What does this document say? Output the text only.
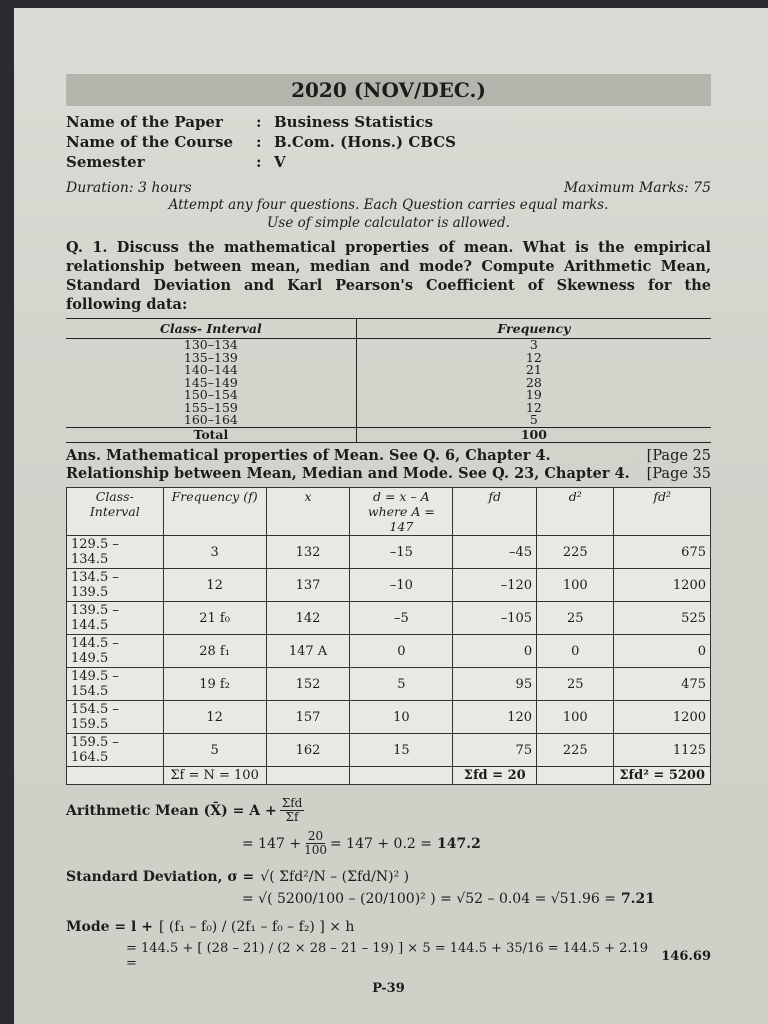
2020 (NOV/DEC.)
Name of the Paper	: Business Statistics
Name of the Course	: B.Com. (Hons.) CBCS
Semester	: V
Duration: 3 hours	Maximum Marks: 75
Attempt any four questions. Each Question carries equal marks.
Use of simple calculator is allowed.
Q. 1. Discuss the mathematical properties of mean. What is the empirical relationship between mean, median and mode? Compute Arithmetic Mean, Standard Deviation and Karl Pearson's Coefficient of Skewness for the following data:
Class- Interval	Frequency
130–134	3
135–139	12
140–144	21
145–149	28
150–154	19
155–159	12
160–164	5
Total	100
Ans. Mathematical properties of Mean. See Q. 6, Chapter 4.	[Page 25
Relationship between Mean, Median and Mode. See Q. 23, Chapter 4. [Page 35
Class- Interval	Frequency (f)	x	d = x – A where A = 147	fd	d²	fd²
129.5 – 134.5	3	132	–15	–45	225	675
134.5 – 139.5	12	137	–10	–120	100	1200
139.5 – 144.5	21 f₀	142	–5	–105	25	525
144.5 – 149.5	28 f₁	147 A	0	0	0	0
149.5 – 154.5	19 f₂	152	5	95	25	475
154.5 – 159.5	12	157	10	120	100	1200
159.5 – 164.5	5	162	15	75	225	1125
	Σf = N = 100			Σfd = 20		Σfd² = 5200
Arithmetic Mean (X̄) = $A + \frac{\text{Σfd}}{\Sigma f}$
= $147 + \frac{20}{100} = 147 + 0.2 = 147.2$
Standard Deviation, σ = √( Σfd²/N – (Σfd/N)² )
= √( 5200/100 – (20/100)² ) = √52 – 0.04 = √51.96 = 7.21
Mode = l + [ (f₁ – f₀) / (2f₁ – f₀ – f₂) ] × h
= 144.5 + [ (28 – 21) / (2 × 28 – 21 – 19) ] × 5 = 144.5 + 35/16 = 144.5 + 2.19 =	146.69
P-39
